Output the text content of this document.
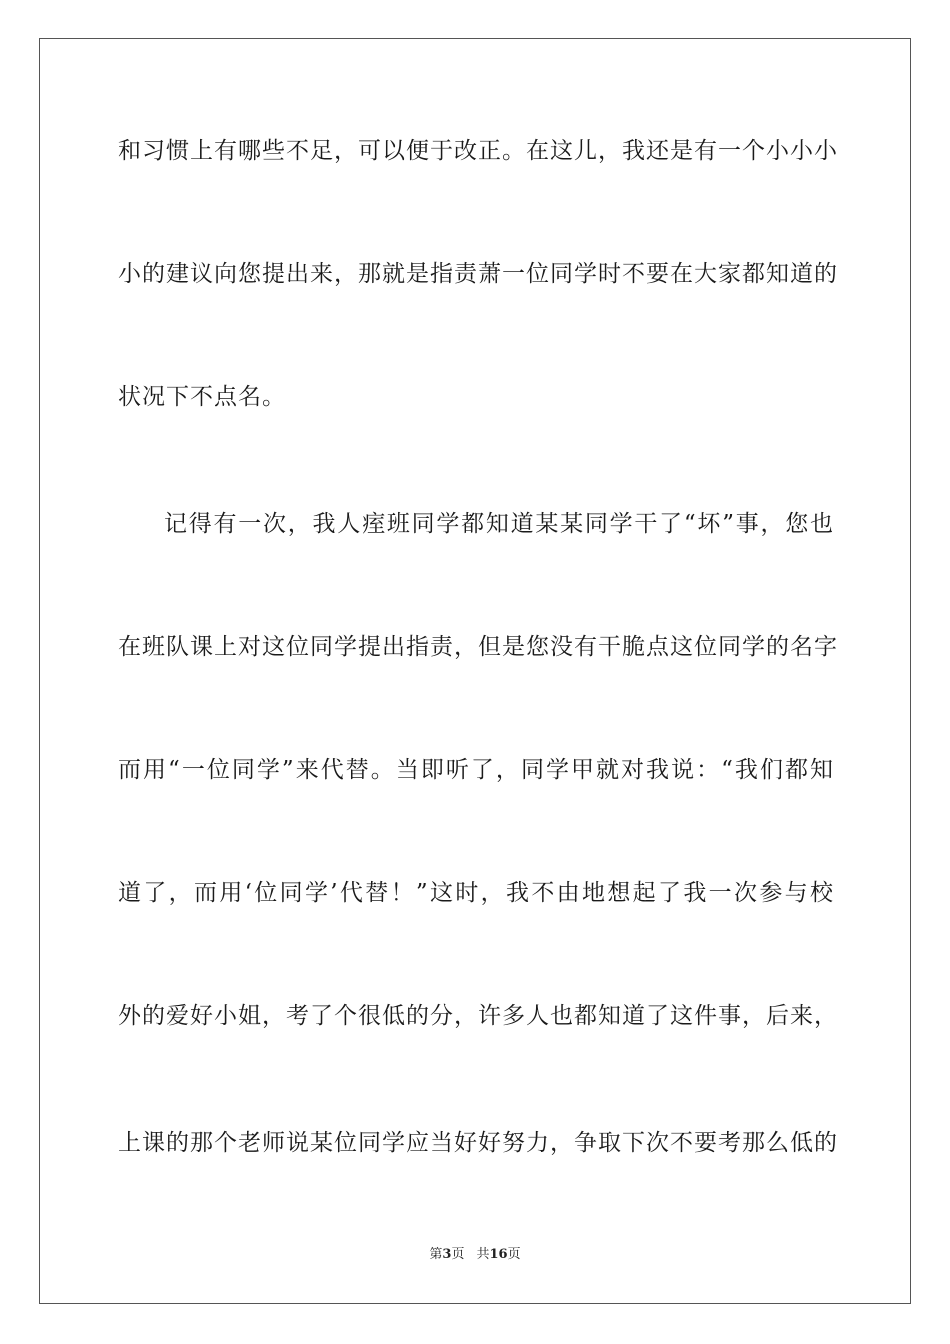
和习惯上有哪些不足，可以便于改正。在这儿，我还是有一个小小小
小的建议向您提出来，那就是指责萧一位同学时不要在大家都知道的
状况下不点名。
记得有一次，我人痓班同学都知道某某同学干了“坏”事，您也
在班队课上对这位同学提出指责，但是您没有干脆点这位同学的名字
而用“一位同学”来代替。当即听了，同学甲就对我说：“我们都知
道了，而用‘位同学’代替！”这时，我不由地想起了我一次参与校
外的爱好小姐，考了个很低的分，许多人也都知道了这件事，后来，
上课的那个老师说某位同学应当好好努力，争取下次不要考那么低的
第3页 共16页
